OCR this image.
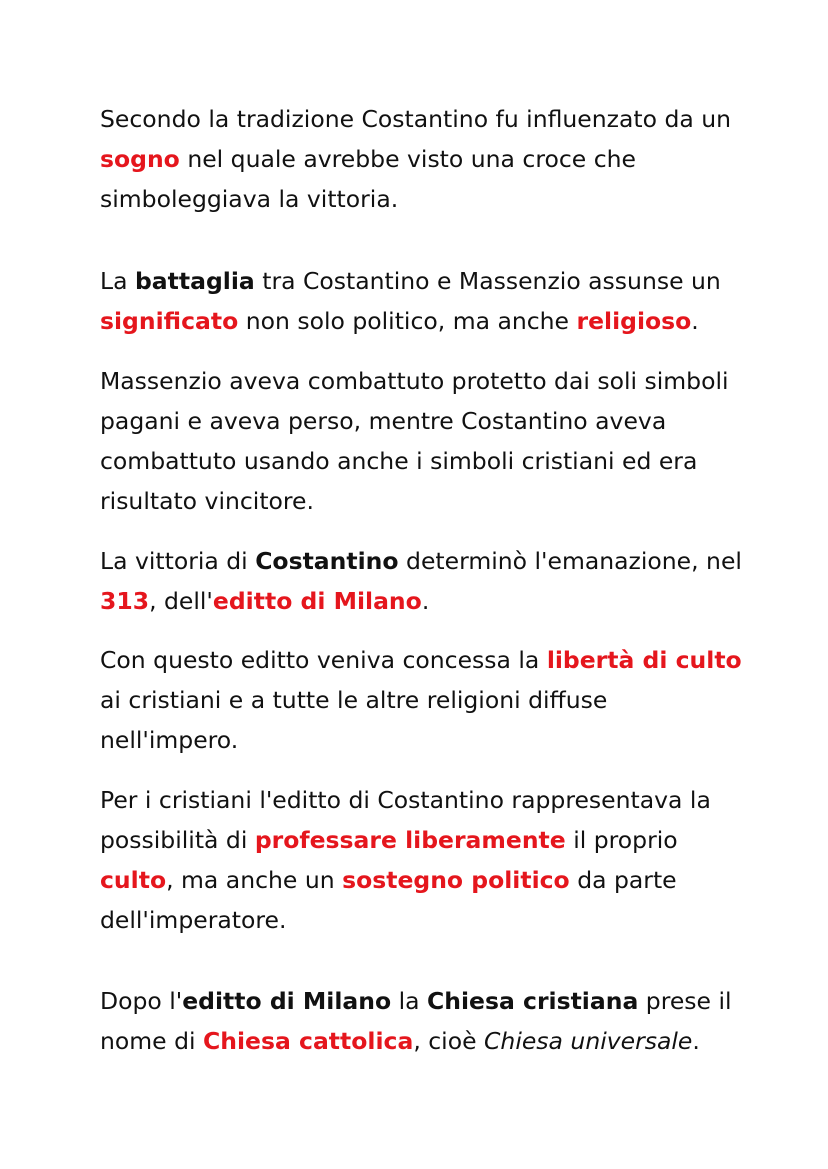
Secondo la tradizione Costantino fu influenzato da un
sogno nel quale avrebbe visto una croce che
simboleggiava la vittoria.

La battaglia tra Costantino e Massenzio assunse un
significato non solo politico, ma anche religioso.

Massenzio aveva combattuto protetto dai soli simboli
pagani e aveva perso, mentre Costantino aveva
combattuto usando anche i simboli cristiani ed era
risultato vincitore.

La vittoria di Costantino determinò l'emanazione, nel
313, dell'editto di Milano.

Con questo editto veniva concessa la libertà di culto
ai cristiani e a tutte le altre religioni diffuse
nell'impero.

Per i cristiani l'editto di Costantino rappresentava la
possibilità di professare liberamente il proprio
culto, ma anche un sostegno politico da parte
dell'imperatore.

Dopo l'editto di Milano la Chiesa cristiana prese il
nome di Chiesa cattolica, cioè Chiesa universale.
